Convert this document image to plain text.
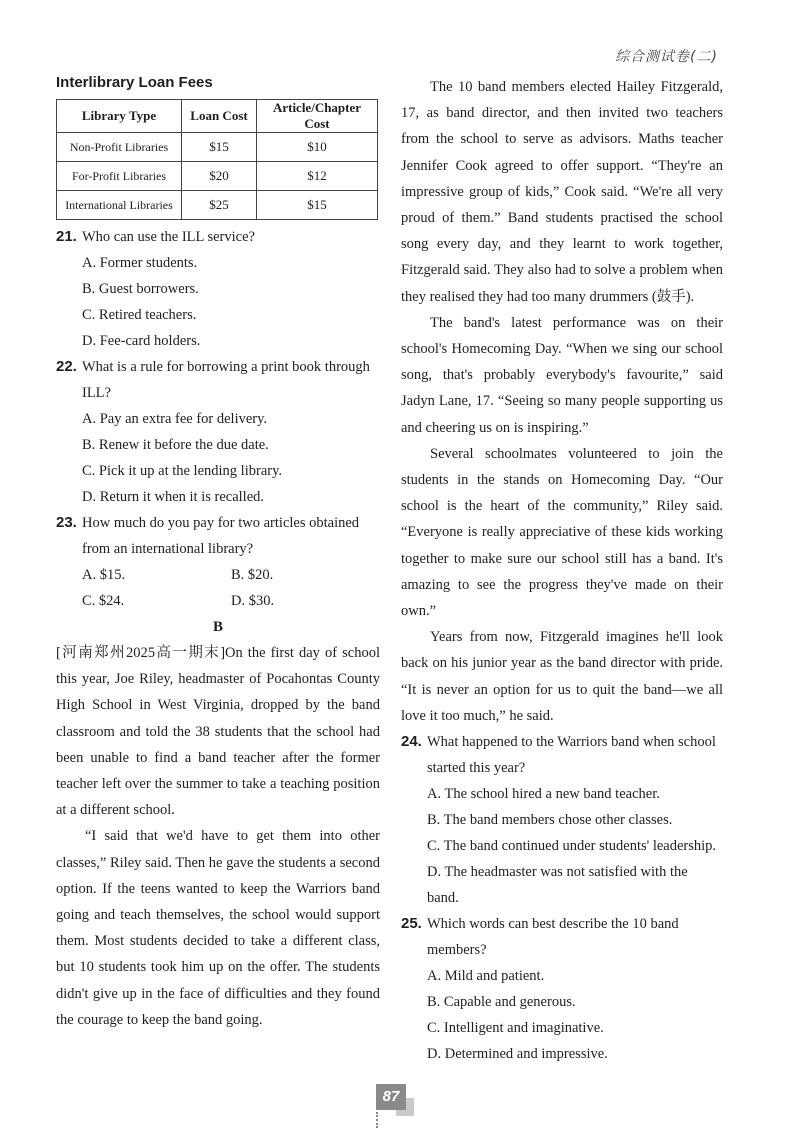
综合测试卷(二)
Interlibrary Loan Fees
Library Type	Loan Cost	Article/Chapter Cost
Non-Profit Libraries	$15	$10
For-Profit Libraries	$20	$12
International Libraries	$25	$15
21. Who can use the ILL service?
A. Former students.
B. Guest borrowers.
C. Retired teachers.
D. Fee-card holders.
22. What is a rule for borrowing a print book through ILL?
A. Pay an extra fee for delivery.
B. Renew it before the due date.
C. Pick it up at the lending library.
D. Return it when it is recalled.
23. How much do you pay for two articles obtained from an international library?
A. $15.	B. $20.
C. $24.	D. $30.
B

[河南郑州2025高一期末]On the first day of school this year, Joe Riley, headmaster of Pocahontas County High School in West Virginia, dropped by the band classroom and told the 38 students that the school had been unable to find a band teacher after the former teacher left over the summer to take a teaching position at a different school.

“I said that we'd have to get them into other classes,” Riley said. Then he gave the students a second option. If the teens wanted to keep the Warriors band going and teach themselves, the school would support them. Most students decided to take a different class, but 10 students took him up on the offer. The students didn't give up in the face of difficulties and they found the courage to keep the band going.

The 10 band members elected Hailey Fitzgerald, 17, as band director, and then invited two teachers from the school to serve as advisors. Maths teacher Jennifer Cook agreed to offer support. “They're an impressive group of kids,” Cook said. “We're all very proud of them.” Band students practised the school song every day, and they learnt to work together, Fitzgerald said. They also had to solve a problem when they realised they had too many drummers (鼓手).

The band's latest performance was on their school's Homecoming Day. “When we sing our school song, that's probably everybody's favourite,” said Jadyn Lane, 17. “Seeing so many people supporting us and cheering us on is inspiring.”

Several schoolmates volunteered to join the students in the stands on Homecoming Day. “Our school is the heart of the community,” Riley said. “Everyone is really appreciative of these kids working together to make sure our school still has a band. It's amazing to see the progress they've made on their own.”

Years from now, Fitzgerald imagines he'll look back on his junior year as the band director with pride. “It is never an option for us to quit the band—we all love it too much,” he said.

24. What happened to the Warriors band when school started this year?
A. The school hired a new band teacher.
B. The band members chose other classes.
C. The band continued under students' leadership.
D. The headmaster was not satisfied with the band.
25. Which words can best describe the 10 band members?
A. Mild and patient.
B. Capable and generous.
C. Intelligent and imaginative.
D. Determined and impressive.
87
